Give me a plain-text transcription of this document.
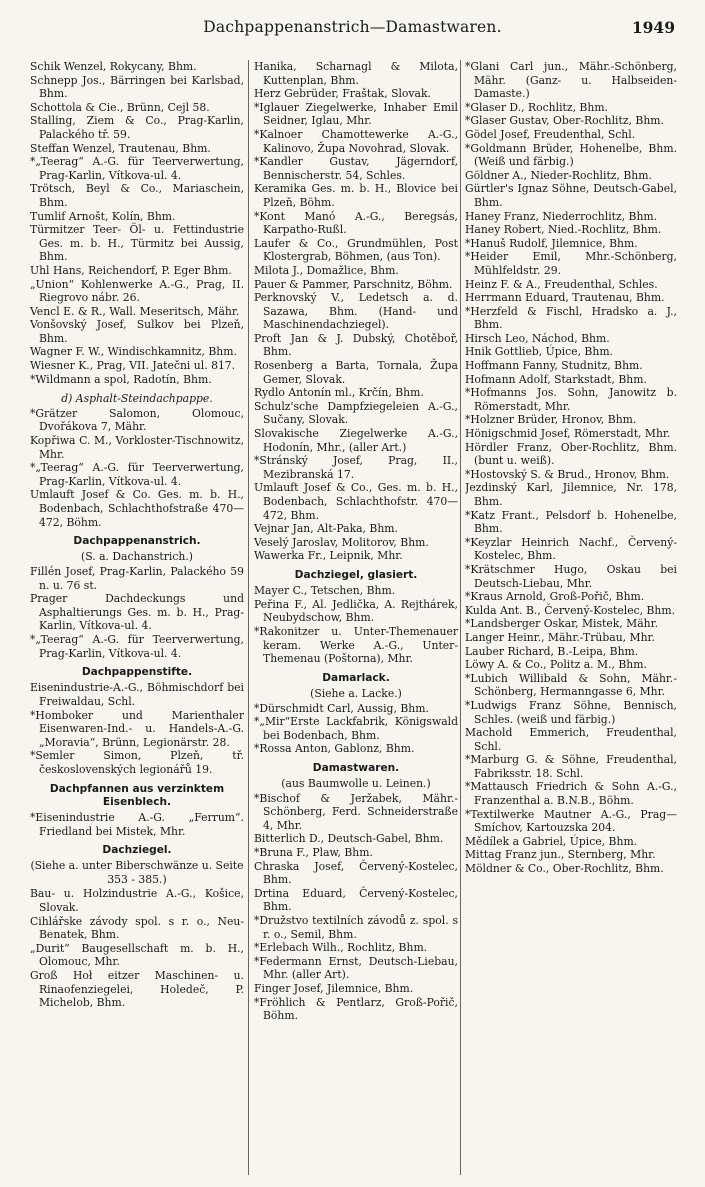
Dachpappenanstrich—Damastwaren.	1949

Schik Wenzel, Rokycany, Bhm.

Schnepp Jos., Bärringen bei Karlsbad, Bhm.

Schottola & Cie., Brünn, Cejl 58.

Stalling, Ziem & Co., Prag-Karlin, Palackého tř. 59.

Steffan Wenzel, Trautenau, Bhm.

*„Teerag“ A.-G. für Teerverwertung, Prag-Karlin, Vítkova-ul. 4.

Trötsch, Beyl & Co., Mariaschein, Bhm.

Tumlif Arnošt, Kolín, Bhm.

Türmitzer Teer- Öl- u. Fettindustrie Ges. m. b. H., Türmitz bei Aussig, Bhm.

Uhl Hans, Reichendorf, P. Eger Bhm.

„Union“ Kohlenwerke A.-G., Prag, II. Riegrovo nábr. 26.

Vencl E. & R., Wall. Meseritsch, Mähr.

Vonšovský Josef, Sulkov bei Plzeň, Bhm.

Wagner F. W., Windischkamnitz, Bhm.

Wiesner K., Prag, VII. Jatečni ul. 817.

*Wildmann a spol, Radotín, Bhm.

d) Asphalt-Steindachpappe.

*Grätzer Salomon, Olomouc, Dvořákova 7, Mähr.

Kopřiwa C. M., Vorkloster-Tischnowitz, Mhr.

*„Teerag“ A.-G. für Teerverwertung, Prag-Karlin, Vítkova-ul. 4.

Umlauft Josef & Co. Ges. m. b. H., Bodenbach, Schlachthofstraße 470—472, Böhm.

Dachpappenanstrich.

(S. a. Dachanstrich.)

Fillén Josef, Prag-Karlin, Palackého 59 n. u. 76 st.

Prager Dachdeckungs und Asphaltierungs Ges. m. b. H., Prag-Karlin, Vítkova-ul. 4.

*„Teerag“ A.-G. für Teerverwertung, Prag-Karlin, Vítkova-ul. 4.

Dachpappenstifte.

Eisenindustrie-A.-G., Böhmischdorf bei Freiwaldau, Schl.

*Homboker und Marienthaler Eisenwaren-Ind.- u. Handels-A.-G. „Moravia“, Brünn, Legionärstr. 28.

*Semler Simon, Plzeň, tř. československých legionářů 19.

Dachpfannen aus verzinktem Eisenblech.

*Eisenindustrie A.-G. „Ferrum“. Friedland bei Mistek, Mhr.

Dachziegel.

(Siehe a. unter Biberschwänze u. Seite 353 - 385.)

Bau- u. Holzindustrie A.-G., Košice, Slovak.

Cihlářske závody spol. s r. o., Neu-Benatek, Bhm.

„Durit“ Baugesellschaft m. b. H., Olomouc, Mhr.

Groß Hoł eitzer Maschinen- u. Rinaofenziegelei, Holedeč, P. Michelob, Bhm.

Hanika, Scharnagl & Milota, Kuttenplan, Bhm.

Herz Gebrüder, Fraštak, Slovak.

*Iglauer Ziegelwerke, Inhaber Emil Seidner, Iglau, Mhr.

*Kalnoer Chamottewerke A.-G., Kalinovo, Župa Novohrad, Slovak.

*Kandler Gustav, Jägerndorf, Bennischerstr. 54, Schles.

Keramika Ges. m. b. H., Blovice bei Plzeň, Böhm.

*Kont Manó A.-G., Beregsás, Karpatho-Rußl.

Laufer & Co., Grundmühlen, Post Klostergrab, Böhmen, (aus Ton).

Milota J., Domažlice, Bhm.

Pauer & Pammer, Parschnitz, Böhm.

Perknovský V., Ledetsch a. d. Sazawa, Bhm. (Hand- und Maschinendachziegel).

Proft Jan & J. Dubský, Chotěboř, Bhm.

Rosenberg a Barta, Tornala, Župa Gemer, Slovak.

Rydlo Antonín ml., Krčín, Bhm.

Schulz'sche Dampfziegeleien A.-G., Sučany, Slovak.

Slovakische Ziegelwerke A.-G., Hodonín, Mhr., (aller Art.)

*Stránský Josef, Prag, II., Mezibranská 17.

Umlauft Josef & Co., Ges. m. b. H., Bodenbach, Schlachthofstr. 470—472, Bhm.

Vejnar Jan, Alt-Paka, Bhm.

Veselý Jaroslav, Molitorov, Bhm.

Wawerka Fr., Leipnik, Mhr.

Dachziegel, glasiert.

Mayer C., Tetschen, Bhm.

Peřina F., Al. Jedlička, A. Rejthárek, Neubydschow, Bhm.

*Rakonitzer u. Unter-Themenauer keram. Werke A.-G., Unter-Themenau (Poštorna), Mhr.

Damarlack.

(Siehe a. Lacke.)

*Dürschmidt Carl, Aussig, Bhm.

*„Mir“Erste Lackfabrik, Königswald bei Bodenbach, Bhm.

*Rossa Anton, Gablonz, Bhm.

Damastwaren.

(aus Baumwolle u. Leinen.)

*Bischof & Jeržabek, Mähr.-Schönberg, Ferd. Schneiderstraße 4, Mhr.

Bitterlich D., Deutsch-Gabel, Bhm.

*Bruna F., Plaw, Bhm.

Chraska Josef, Červený-Kostelec, Bhm.

Drtina Eduard, Červený-Kostelec, Bhm.

*Družstvo textilních závodů z. spol. s r. o., Semil, Bhm.

*Erlebach Wilh., Rochlitz, Bhm.

*Federmann Ernst, Deutsch-Liebau, Mhr. (aller Art).

Finger Josef, Jilemnice, Bhm.

*Fröhlich & Pentlarz, Groß-Pořič, Böhm.

*Glani Carl jun., Mähr.-Schönberg, Mähr. (Ganz- u. Halbseiden-Damaste.)

*Glaser D., Rochlitz, Bhm.

*Glaser Gustav, Ober-Rochlitz, Bhm.

Gödel Josef, Freudenthal, Schl.

*Goldmann Brüder, Hohenelbe, Bhm. (Weiß und färbig.)

Göldner A., Nieder-Rochlitz, Bhm.

Gürtler's Ignaz Söhne, Deutsch-Gabel, Bhm.

Haney Franz, Niederrochlitz, Bhm.

Haney Robert, Nied.-Rochlitz, Bhm.

*Hanuš Rudolf, Jilemnice, Bhm.

*Heider Emil, Mhr.-Schönberg, Mühlfeldstr. 29.

Heinz F. & A., Freudenthal, Schles.

Herrmann Eduard, Trautenau, Bhm.

*Herzfeld & Fischl, Hradsko a. J., Bhm.

Hirsch Leo, Náchod, Bhm.

Hnik Gottlieb, Úpice, Bhm.

Hoffmann Fanny, Studnitz, Bhm.

Hofmann Adolf, Starkstadt, Bhm.

*Hofmanns Jos. Sohn, Janowitz b. Römerstadt, Mhr.

*Holzner Brüder, Hronov, Bhm.

Hönigschmid Josef, Römerstadt, Mhr.

Hördler Franz, Ober-Rochlitz, Bhm. (bunt u. weiß).

*Hostovský S. & Brud., Hronov, Bhm.

Jezdinský Karl, Jilemnice, Nr. 178, Bhm.

*Katz Frant., Pelsdorf b. Hohenelbe, Bhm.

*Keyzlar Heinrich Nachf., Červený-Kostelec, Bhm.

*Krätschmer Hugo, Oskau bei Deutsch-Liebau, Mhr.

*Kraus Arnold, Groß-Pořič, Bhm.

Kulda Ant. B., Červený-Kostelec, Bhm.

*Landsberger Oskar, Mistek, Mähr.

Langer Heinr., Mähr.-Trübau, Mhr.

Lauber Richard, B.-Leipa, Bhm.

Löwy A. & Co., Politz a. M., Bhm.

*Lubich Willibald & Sohn, Mähr.-Schönberg, Hermanngasse 6, Mhr.

*Ludwigs Franz Söhne, Bennisch, Schles. (weiß und färbig.)

Machold Emmerich, Freudenthal, Schl.

*Marburg G. & Söhne, Freudenthal, Fabriksstr. 18. Schl.

*Mattausch Friedrich & Sohn A.-G., Franzenthal a. B.N.B., Böhm.

*Textilwerke Mautner A.-G., Prag—Smíchov, Kartouzska 204.

Mědílek a Gabriel, Úpice, Bhm.

Mittag Franz jun., Sternberg, Mhr.

Möldner & Co., Ober-Rochlitz, Bhm.
